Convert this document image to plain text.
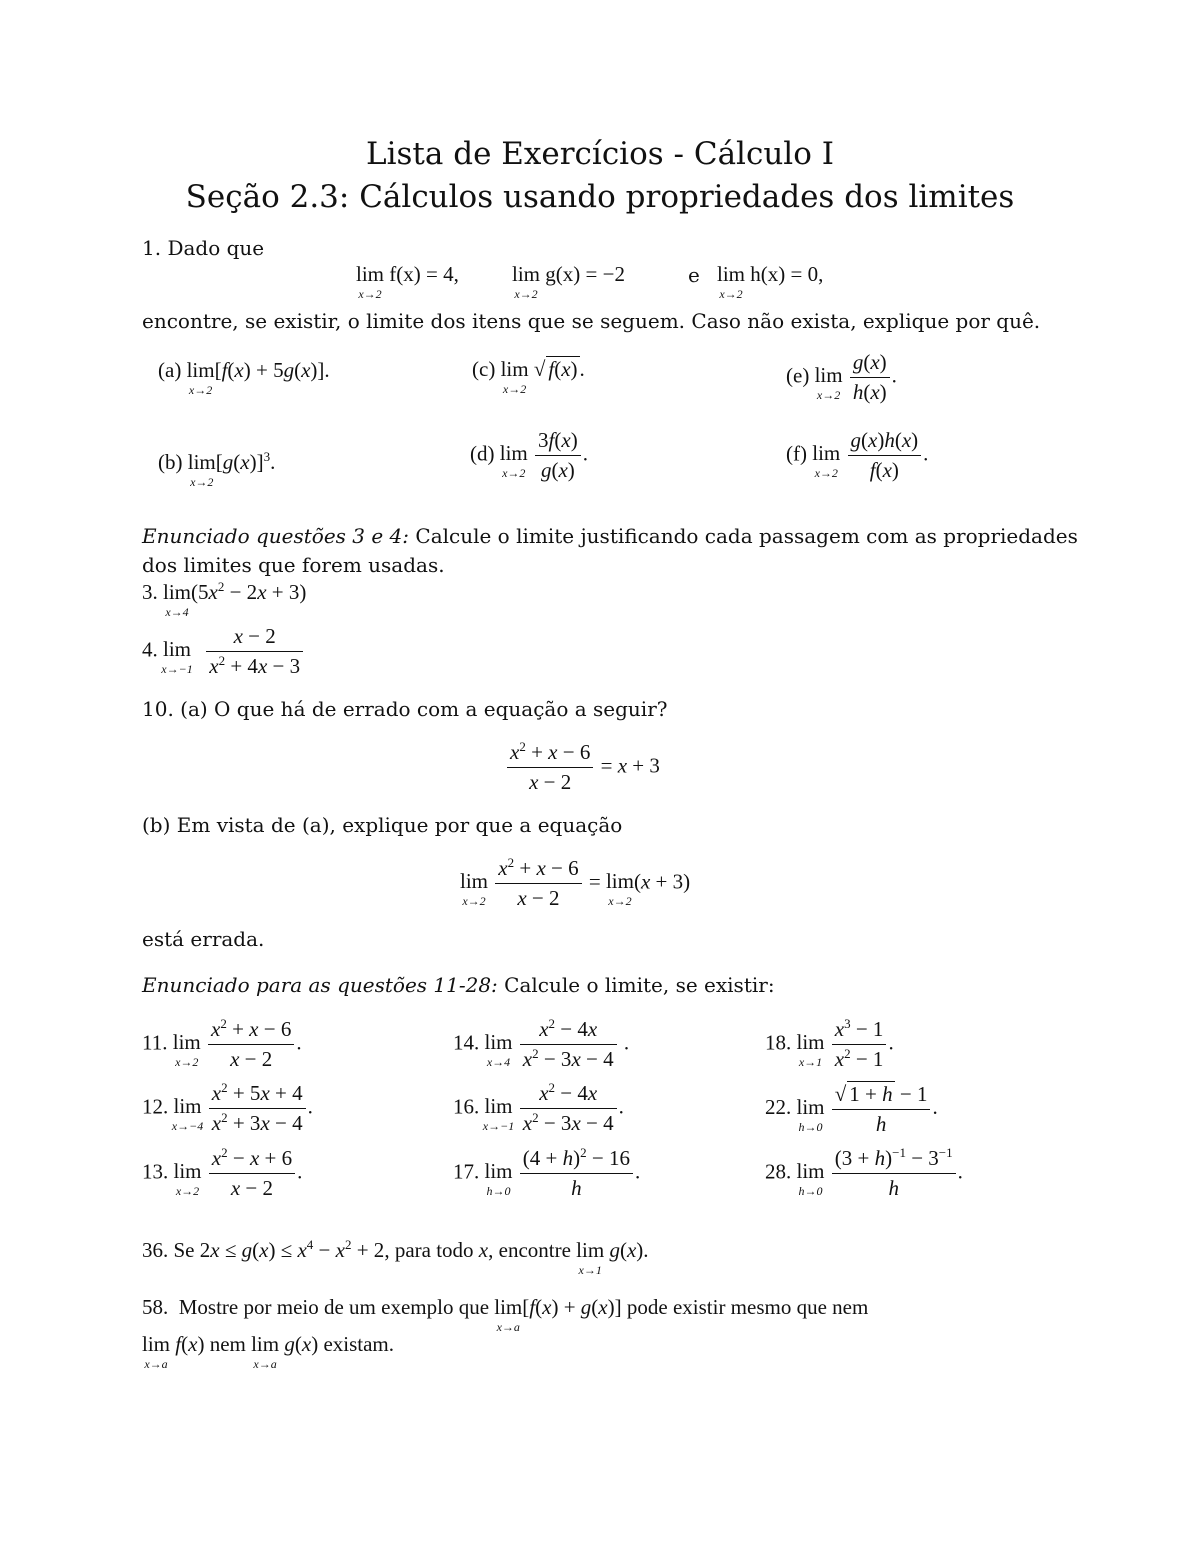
Lista de Exercícios - Cálculo I
Seção 2.3: Cálculos usando propriedades dos limites
1. Dado que
lim
x→2
f(x) = 4,	lim
x→2
g(x) = −2	e lim
x→2
h(x) = 0,
encontre, se existir, o limite dos itens que se seguem. Caso não exista, explique por quê.
(a) lim
x→2
[f(x) + 5g(x)].
(b) lim
x→2
$[g(x)]^3$.
(c) lim
x→2
√ f(x).
(d) lim
x→2
$\frac{3f(x)}{g(x)}$ .
(e) lim
x→2
$\frac{g(x)}{h(x)}$ .
(f) lim
x→2
$\frac{g(x)h(x)}{f(x)}$ .
Enunciado questões 3 e 4: Calcule o limite justificando cada passagem com as propriedades
dos limites que forem usadas.
3. lim
x→4
$(5x^2 - 2x + 3)$
4. lim
x→−1
$\frac{x - 2}{x^2 + 4x - 3}$
10. (a) O que há de errado com a equação a seguir?
$\frac{x^2 + x - 6}{x - 2} = x + 3$
(b) Em vista de (a), explique por que a equação
lim
x→2
$\frac{x^2 + x - 6}{x - 2} = \lim$
x→2
(x + 3)
está errada.
Enunciado para as questões 11-28: Calcule o limite, se existir:
11. lim
x→2
$\frac{x^2 + x - 6}{x - 2}$ .
12. lim
x→−4
$\frac{x^2 + 5x + 4}{x^2 + 3x - 4}$ .
13. lim
x→2
$\frac{x^2 - x + 6}{x - 2}$ .
14. lim
x→4
$\frac{x^2 - 4x}{x^2 - 3x - 4}$ .
16. lim
x→−1
$\frac{x^2 - 4x}{x^2 - 3x - 4}$ .
17. lim
h→0
$\frac{(4 + h)^2 - 16}{h}$ .
18. lim
x→1
$\frac{x^3 - 1}{x^2 - 1}$ .
22. lim
h→0
$\frac{√ 1 + h - 1}{h}$ .
28. lim
h→0
$\frac{(3 + h)^{-1} - 3^{-1}}{h}$ .
36. Se $2x \le g(x) \le x^4 - x^2 + 2$, para todo x, encontre lim
x→1
g(x).
58. Mostre por meio de um exemplo que lim
x→a
[f(x) + g(x)] pode existir mesmo que nem
lim
x→a
f(x) nem lim
x→a
g(x) existam.
